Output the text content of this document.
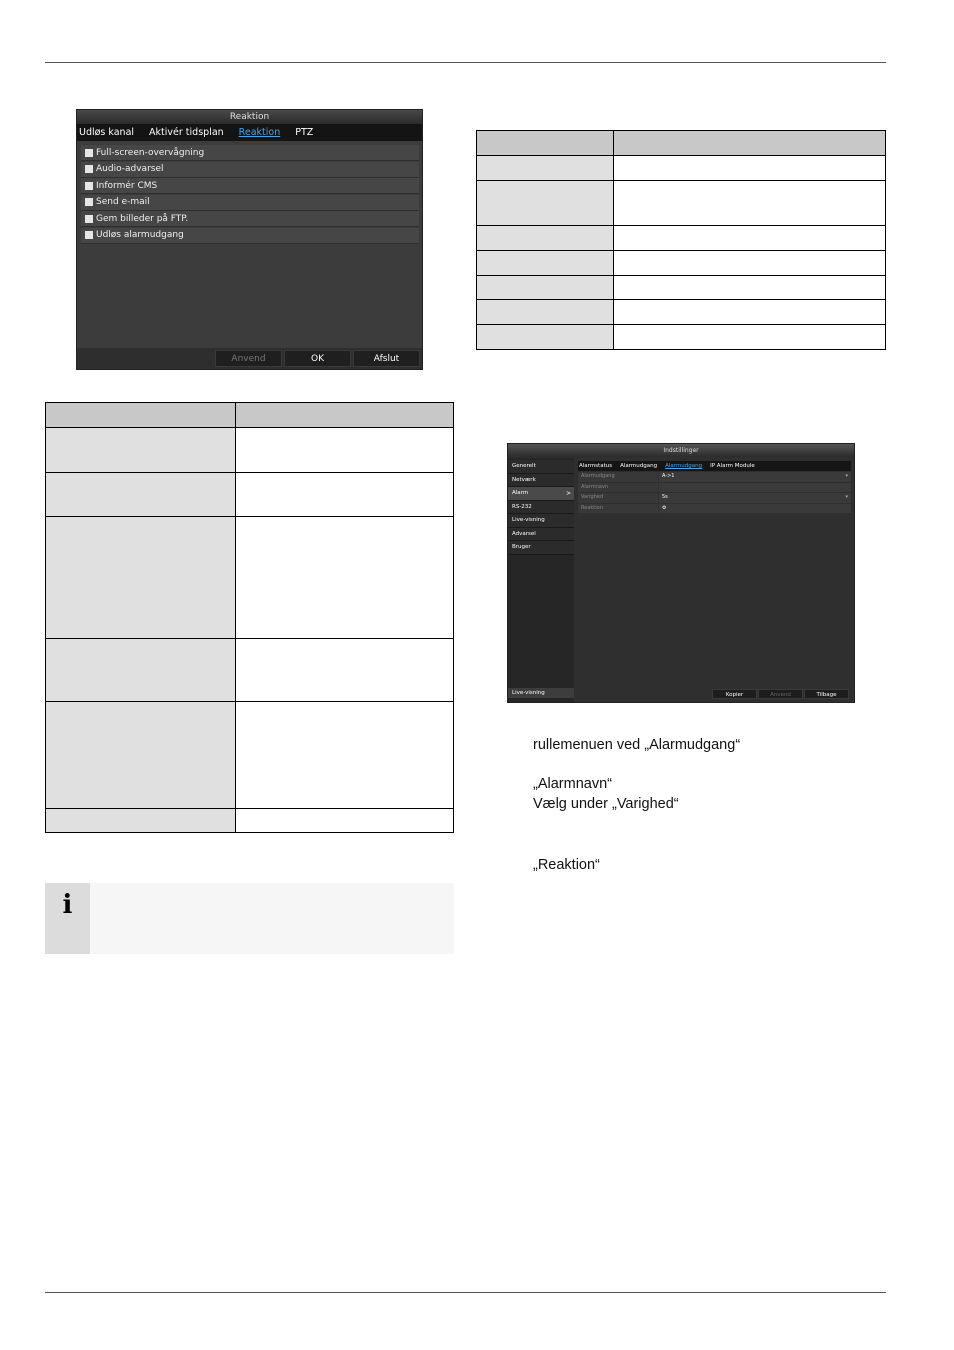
Reaktion
Udløs kanal Aktivér tidsplan Reaktion PTZ
Full-screen-overvågning
Audio-advarsel
Informér CMS
Send e-mail
Gem billeder på FTP.
Udløs alarmudgang
Anvend	OK	Afslut

i
Indstillinger
Generelt
Netværk
Alarm	>
RS-232
Live-visning
Advarsel
Bruger
Live-visning
Alarmstatus Alarmudgang Alarmudgang IP Alarm Module
Alarmudgang	A->1	▾
Alarmnavn
Varighed	5s	▾
Reaktion	⚙
Kopier	Anvend	Tilbage
rullemenuen ved „Alarmudgang“
„Alarmnavn“
Vælg under „Varighed“
„Reaktion“
